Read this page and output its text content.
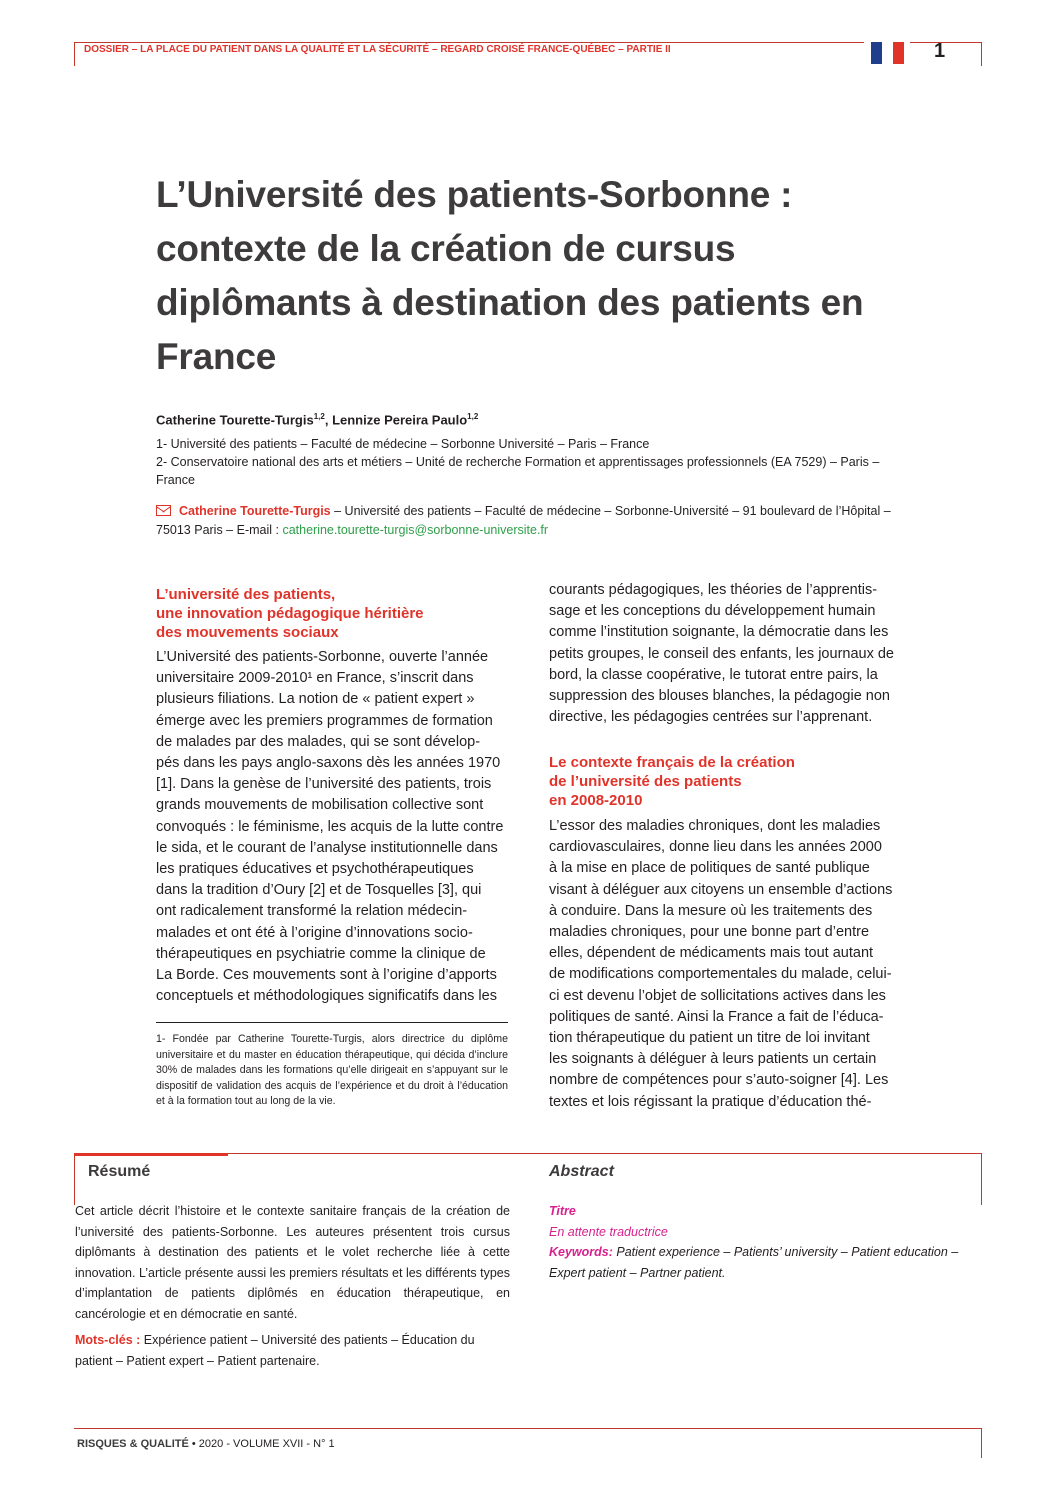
DOSSIER – LA PLACE DU PATIENT DANS LA QUALITÉ ET LA SÉCURITÉ – REGARD CROISÉ FRANCE-QUÉBEC – PARTIE II	1
L’Université des patients-Sorbonne : contexte de la création de cursus diplômants à destination des patients en France
Catherine Tourette-Turgis$^{1,2}$, Lennize Pereira Paulo$^{1,2}$
1- Université des patients – Faculté de médecine – Sorbonne Université – Paris – France
2- Conservatoire national des arts et métiers – Unité de recherche Formation et apprentissages professionnels (EA 7529) – Paris – France
Catherine Tourette-Turgis – Université des patients – Faculté de médecine – Sorbonne-Université – 91 boulevard de l’Hôpital – 75013 Paris – E-mail : catherine.tourette-turgis@sorbonne-universite.fr
L’université des patients,
une innovation pédagogique héritière
des mouvements sociaux
L’Université des patients-Sorbonne, ouverte l’année
universitaire 2009-2010¹ en France, s’inscrit dans
plusieurs filiations. La notion de « patient expert »
émerge avec les premiers programmes de formation
de malades par des malades, qui se sont dévelop-
pés dans les pays anglo-saxons dès les années 1970
[1]. Dans la genèse de l’université des patients, trois
grands mouvements de mobilisation collective sont
convoqués : le féminisme, les acquis de la lutte contre
le sida, et le courant de l’analyse institutionnelle dans
les pratiques éducatives et psychothérapeutiques
dans la tradition d’Oury [2] et de Tosquelles [3], qui
ont radicalement transformé la relation médecin-
malades et ont été à l’origine d’innovations socio-
thérapeutiques en psychiatrie comme la clinique de
La Borde. Ces mouvements sont à l’origine d’apports
conceptuels et méthodologiques significatifs dans les
1- Fondée par Catherine Tourette-Turgis, alors directrice du diplôme universitaire et du master en éducation thérapeutique, qui décida d’inclure 30% de malades dans les formations qu’elle dirigeait en s’appuyant sur le dispositif de validation des acquis de l’expérience et du droit à l’éducation et à la formation tout au long de la vie.
courants pédagogiques, les théories de l’apprentis-
sage et les conceptions du développement humain
comme l’institution soignante, la démocratie dans les
petits groupes, le conseil des enfants, les journaux de
bord, la classe coopérative, le tutorat entre pairs, la
suppression des blouses blanches, la pédagogie non
directive, les pédagogies centrées sur l’apprenant.
Le contexte français de la création
de l’université des patients
en 2008-2010
L’essor des maladies chroniques, dont les maladies
cardiovasculaires, donne lieu dans les années 2000
à la mise en place de politiques de santé publique
visant à déléguer aux citoyens un ensemble d’actions
à conduire. Dans la mesure où les traitements des
maladies chroniques, pour une bonne part d’entre
elles, dépendent de médicaments mais tout autant
de modifications comportementales du malade, celui-
ci est devenu l’objet de sollicitations actives dans les
politiques de santé. Ainsi la France a fait de l’éduca-
tion thérapeutique du patient un titre de loi invitant
les soignants à déléguer à leurs patients un certain
nombre de compétences pour s’auto-soigner [4]. Les
textes et lois régissant la pratique d’éducation thé-
Résumé	Abstract
Cet article décrit l’histoire et le contexte sanitaire français de la création de l’université des patients-Sorbonne. Les auteures présentent trois cursus diplômants à destination des patients et le volet recherche liée à cette innovation. L’article présente aussi les premiers résultats et les différents types d’implantation de patients diplômés en éducation thérapeutique, en cancérologie et en démocratie en santé.
Mots-clés : Expérience patient – Université des patients – Éducation du patient – Patient expert – Patient partenaire.
Titre
En attente traductrice
Keywords: Patient experience – Patients’ university – Patient education – Expert patient – Partner patient.
RISQUES & QUALITÉ • 2020 - VOLUME XVII - N° 1
